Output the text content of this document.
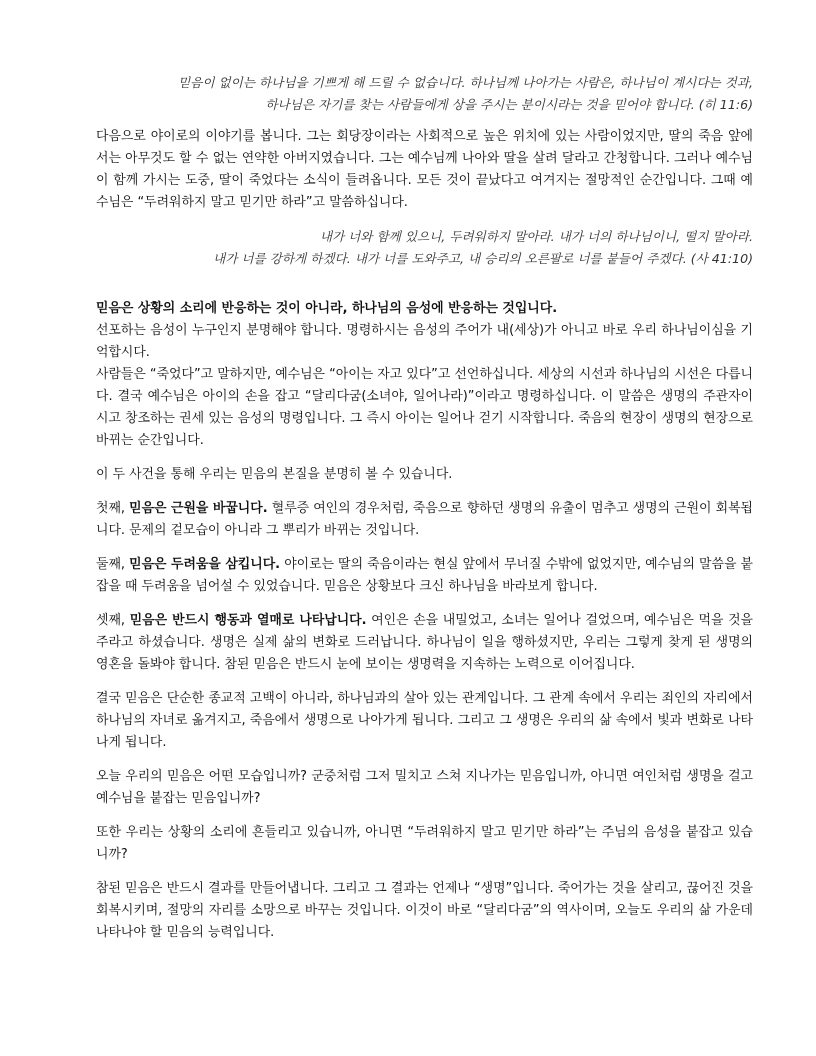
믿음이 없이는 하나님을 기쁘게 해 드릴 수 없습니다. 하나님께 나아가는 사람은, 하나님이 계시다는 것과,
하나님은 자기를 찾는 사람들에게 상을 주시는 분이시라는 것을 믿어야 합니다. (히 11:6)

다음으로 야이로의 이야기를 봅니다. 그는 회당장이라는 사회적으로 높은 위치에 있는 사람이었지만, 딸의 죽음 앞에서는 아무것도 할 수 없는 연약한 아버지였습니다. 그는 예수님께 나아와 딸을 살려 달라고 간청합니다. 그러나 예수님이 함께 가시는 도중, 딸이 죽었다는 소식이 들려옵니다. 모든 것이 끝났다고 여겨지는 절망적인 순간입니다. 그때 예수님은 “두려워하지 말고 믿기만 하라”고 말씀하십니다.

내가 너와 함께 있으니, 두려워하지 말아라. 내가 너의 하나님이니, 떨지 말아라.
내가 너를 강하게 하겠다. 내가 너를 도와주고, 내 승리의 오른팔로 너를 붙들어 주겠다. (사 41:10)

믿음은 상황의 소리에 반응하는 것이 아니라, 하나님의 음성에 반응하는 것입니다.

선포하는 음성이 누구인지 분명해야 합니다. 명령하시는 음성의 주어가 내(세상)가 아니고 바로 우리 하나님이심을 기억합시다.

사람들은 “죽었다”고 말하지만, 예수님은 “아이는 자고 있다”고 선언하십니다. 세상의 시선과 하나님의 시선은 다릅니다. 결국 예수님은 아이의 손을 잡고 “달리다굼(소녀야, 일어나라)”이라고 명령하십니다. 이 말씀은 생명의 주관자이시고 창조하는 권세 있는 음성의 명령입니다. 그 즉시 아이는 일어나 걷기 시작합니다. 죽음의 현장이 생명의 현장으로 바뀌는 순간입니다.

이 두 사건을 통해 우리는 믿음의 본질을 분명히 볼 수 있습니다.

첫째, 믿음은 근원을 바꿉니다. 혈루증 여인의 경우처럼, 죽음으로 향하던 생명의 유출이 멈추고 생명의 근원이 회복됩니다. 문제의 겉모습이 아니라 그 뿌리가 바뀌는 것입니다.

둘째, 믿음은 두려움을 삼킵니다. 야이로는 딸의 죽음이라는 현실 앞에서 무너질 수밖에 없었지만, 예수님의 말씀을 붙잡을 때 두려움을 넘어설 수 있었습니다. 믿음은 상황보다 크신 하나님을 바라보게 합니다.

셋째, 믿음은 반드시 행동과 열매로 나타납니다. 여인은 손을 내밀었고, 소녀는 일어나 걸었으며, 예수님은 먹을 것을 주라고 하셨습니다. 생명은 실제 삶의 변화로 드러납니다. 하나님이 일을 행하셨지만, 우리는 그렇게 찾게 된 생명의 영혼을 돌봐야 합니다. 참된 믿음은 반드시 눈에 보이는 생명력을 지속하는 노력으로 이어집니다.

결국 믿음은 단순한 종교적 고백이 아니라, 하나님과의 살아 있는 관계입니다. 그 관계 속에서 우리는 죄인의 자리에서 하나님의 자녀로 옮겨지고, 죽음에서 생명으로 나아가게 됩니다. 그리고 그 생명은 우리의 삶 속에서 빛과 변화로 나타나게 됩니다.

오늘 우리의 믿음은 어떤 모습입니까? 군중처럼 그저 밀치고 스쳐 지나가는 믿음입니까, 아니면 여인처럼 생명을 걸고 예수님을 붙잡는 믿음입니까?

또한 우리는 상황의 소리에 흔들리고 있습니까, 아니면 “두려워하지 말고 믿기만 하라”는 주님의 음성을 붙잡고 있습니까?

참된 믿음은 반드시 결과를 만들어냅니다. 그리고 그 결과는 언제나 “생명”입니다. 죽어가는 것을 살리고, 끊어진 것을 회복시키며, 절망의 자리를 소망으로 바꾸는 것입니다. 이것이 바로 “달리다굼”의 역사이며, 오늘도 우리의 삶 가운데 나타나야 할 믿음의 능력입니다.
